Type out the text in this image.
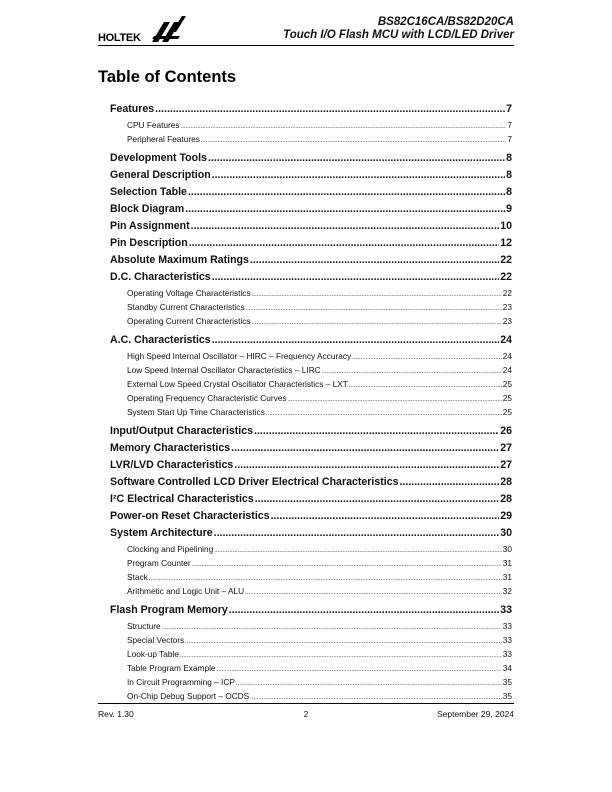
HOLTEK
BS82C16CA/BS82D20CA
Touch I/O Flash MCU with LCD/LED Driver
Table of Contents
Features .....	7
CPU Features .....	7
Peripheral Features .....	7
Development Tools .....	8
General Description .....	8
Selection Table .....	8
Block Diagram .....	9
Pin Assignment .....	10
Pin Description .....	12
Absolute Maximum Ratings .....	22
D.C. Characteristics .....	22
Operating Voltage Characteristics .....	22
Standby Current Characteristics .....	23
Operating Current Characteristics .....	23
A.C. Characteristics .....	24
High Speed Internal Oscillator – HIRC – Frequency Accuracy .....	24
Low Speed Internal Oscillator Characteristics – LIRC .....	24
External Low Speed Crystal Oscillator Characteristics – LXT .....	25
Operating Frequency Characteristic Curves .....	25
System Start Up Time Characteristics .....	25
Input/Output Characteristics .....	26
Memory Characteristics .....	27
LVR/LVD Characteristics .....	27
Software Controlled LCD Driver Electrical Characteristics .....	28
I²C Electrical Characteristics .....	28
Power-on Reset Characteristics .....	29
System Architecture .....	30
Clocking and Pipelining .....	30
Program Counter .....	31
Stack .....	31
Arithmetic and Logic Unit – ALU .....	32
Flash Program Memory .....	33
Structure .....	33
Special Vectors .....	33
Look-up Table .....	33
Table Program Example .....	34
In Circuit Programming – ICP .....	35
On-Chip Debug Support – OCDS .....	35
Rev. 1.30	2	September 29, 2024
